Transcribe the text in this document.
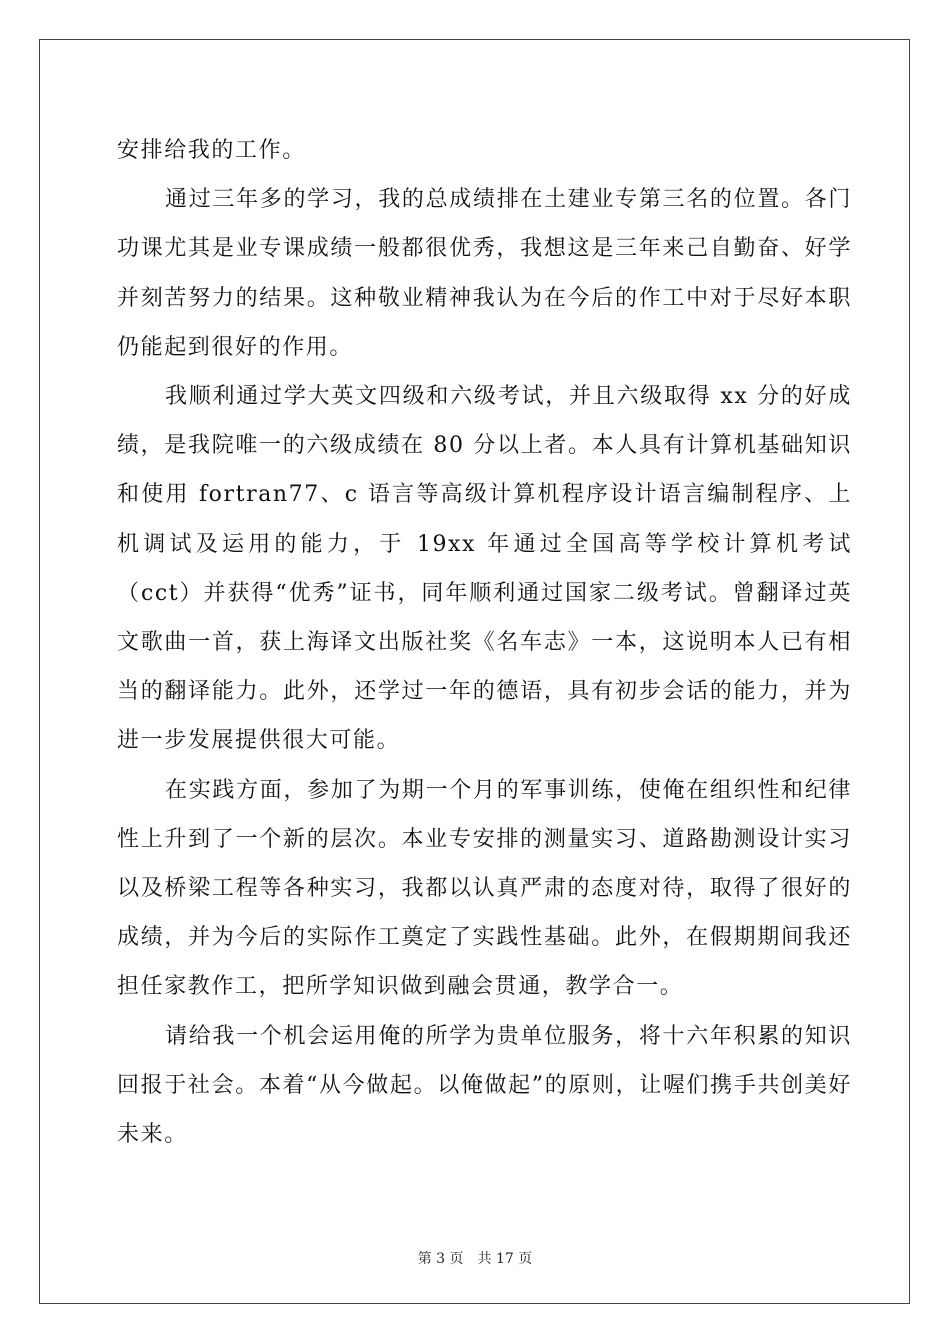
安排给我的工作。

通过三年多的学习，我的总成绩排在土建业专第三名的位置。各门功课尤其是业专课成绩一般都很优秀，我想这是三年来己自勤奋、好学并刻苦努力的结果。这种敬业精神我认为在今后的作工中对于尽好本职仍能起到很好的作用。

我顺利通过学大英文四级和六级考试，并且六级取得 xx 分的好成绩，是我院唯一的六级成绩在 80 分以上者。本人具有计算机基础知识和使用 fortran77、c 语言等高级计算机程序设计语言编制程序、上机调试及运用的能力，于 19xx 年通过全国高等学校计算机考试（cct）并获得“优秀”证书，同年顺利通过国家二级考试。曾翻译过英文歌曲一首，获上海译文出版社奖《名车志》一本，这说明本人已有相当的翻译能力。此外，还学过一年的德语，具有初步会话的能力，并为进一步发展提供很大可能。

在实践方面，参加了为期一个月的军事训练，使俺在组织性和纪律性上升到了一个新的层次。本业专安排的测量实习、道路勘测设计实习以及桥梁工程等各种实习，我都以认真严肃的态度对待，取得了很好的成绩，并为今后的实际作工奠定了实践性基础。此外，在假期期间我还担任家教作工，把所学知识做到融会贯通，教学合一。

请给我一个机会运用俺的所学为贵单位服务，将十六年积累的知识回报于社会。本着“从今做起。以俺做起”的原则，让喔们携手共创美好未来。

第 3 页 共 17 页
